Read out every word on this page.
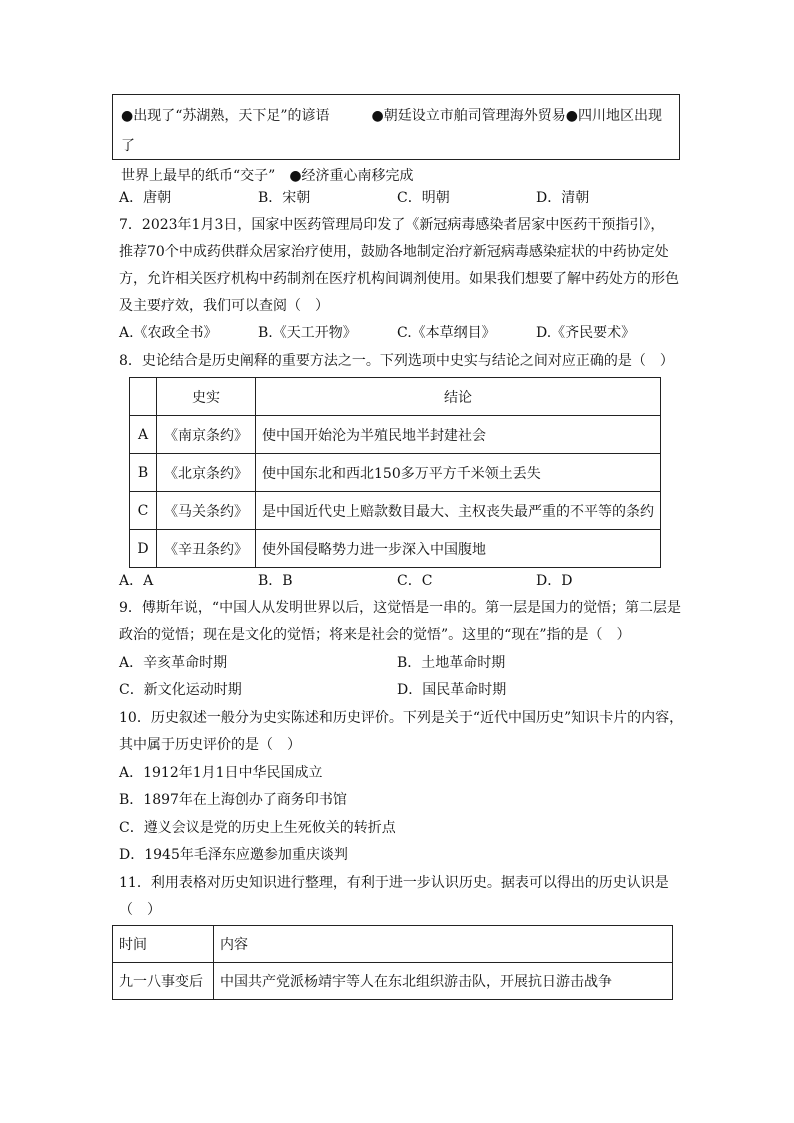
●出现了“苏湖熟，天下足”的谚语　　　●朝廷设立市舶司管理海外贸易●四川地区出现了
世界上最早的纸币“交子”　●经济重心南移完成
A．唐朝	B．宋朝	C．明朝	D．清朝
7．2023年1月3日，国家中医药管理局印发了《新冠病毒感染者居家中医药干预指引》，
推荐70个中成药供群众居家治疗使用，鼓励各地制定治疗新冠病毒感染症状的中药协定处
方，允许相关医疗机构中药制剂在医疗机构间调剂使用。如果我们想要了解中药处方的形色
及主要疗效，我们可以查阅（　）
A.《农政全书》	B.《天工开物》	C.《本草纲目》	D.《齐民要术》
8．史论结合是历史阐释的重要方法之一。下列选项中史实与结论之间对应正确的是（　）
	史实	结论
A	《南京条约》	使中国开始沦为半殖民地半封建社会
B	《北京条约》	使中国东北和西北150多万平方千米领土丢失
C	《马关条约》	是中国近代史上赔款数目最大、主权丧失最严重的不平等的条约
D	《辛丑条约》	使外国侵略势力进一步深入中国腹地
A．A	B．B	C．C	D．D
9．傅斯年说，“中国人从发明世界以后，这觉悟是一串的。第一层是国力的觉悟；第二层是
政治的觉悟；现在是文化的觉悟；将来是社会的觉悟”。这里的“现在”指的是（　）
A．辛亥革命时期	B．土地革命时期
C．新文化运动时期	D．国民革命时期
10．历史叙述一般分为史实陈述和历史评价。下列是关于“近代中国历史”知识卡片的内容，
其中属于历史评价的是（　）
A．1912年1月1日中华民国成立
B．1897年在上海创办了商务印书馆
C．遵义会议是党的历史上生死攸关的转折点
D．1945年毛泽东应邀参加重庆谈判
11．利用表格对历史知识进行整理，有利于进一步认识历史。据表可以得出的历史认识是
（　）
时间	内容
九一八事变后	中国共产党派杨靖宇等人在东北组织游击队，开展抗日游击战争
